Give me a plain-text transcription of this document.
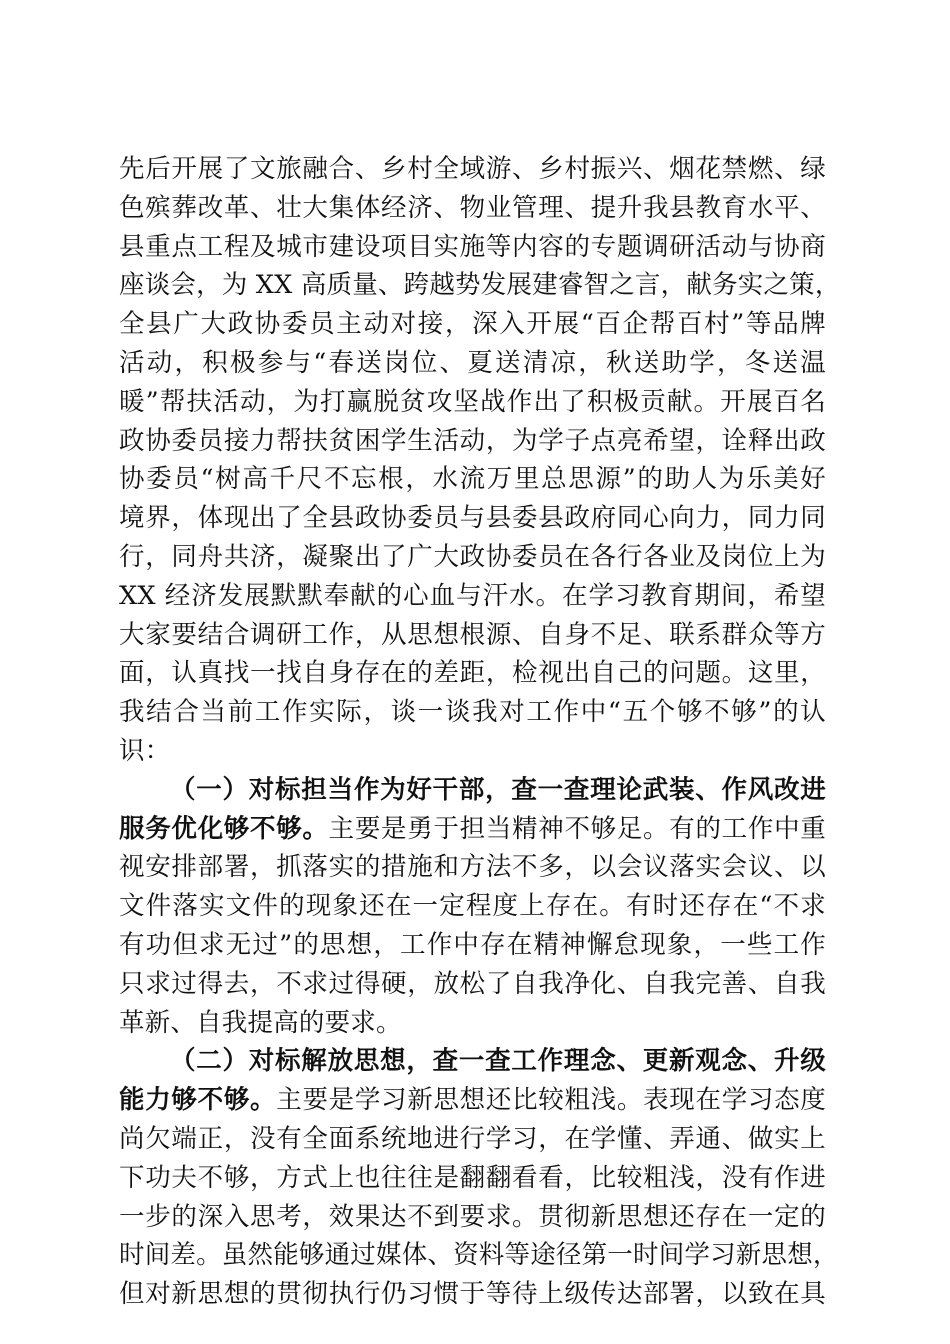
先后开展了文旅融合、乡村全域游、乡村振兴、烟花禁燃、绿
色殡葬改革、壮大集体经济、物业管理、提升我县教育水平、
县重点工程及城市建设项目实施等内容的专题调研活动与协商
座谈会，为 XX 高质量、跨越势发展建睿智之言，献务实之策，
全县广大政协委员主动对接，深入开展“百企帮百村”等品牌
活动，积极参与“春送岗位、夏送清凉，秋送助学，冬送温
暖”帮扶活动，为打赢脱贫攻坚战作出了积极贡献。开展百名
政协委员接力帮扶贫困学生活动，为学子点亮希望，诠释出政
协委员“树高千尺不忘根，水流万里总思源”的助人为乐美好
境界，体现出了全县政协委员与县委县政府同心向力，同力同
行，同舟共济，凝聚出了广大政协委员在各行各业及岗位上为
XX 经济发展默默奉献的心血与汗水。在学习教育期间，希望
大家要结合调研工作，从思想根源、自身不足、联系群众等方
面，认真找一找自身存在的差距，检视出自己的问题。这里，
我结合当前工作实际，谈一谈我对工作中“五个够不够”的认
识：
（一）对标担当作为好干部，查一查理论武装、作风改进
服务优化够不够。主要是勇于担当精神不够足。有的工作中重
视安排部署，抓落实的措施和方法不多，以会议落实会议、以
文件落实文件的现象还在一定程度上存在。有时还存在“不求
有功但求无过”的思想，工作中存在精神懈怠现象，一些工作
只求过得去，不求过得硬，放松了自我净化、自我完善、自我
革新、自我提高的要求。
（二）对标解放思想，查一查工作理念、更新观念、升级
能力够不够。主要是学习新思想还比较粗浅。表现在学习态度
尚欠端正，没有全面系统地进行学习，在学懂、弄通、做实上
下功夫不够，方式上也往往是翻翻看看，比较粗浅，没有作进
一步的深入思考，效果达不到要求。贯彻新思想还存在一定的
时间差。虽然能够通过媒体、资料等途径第一时间学习新思想，
但对新思想的贯彻执行仍习惯于等待上级传达部署，以致在具
